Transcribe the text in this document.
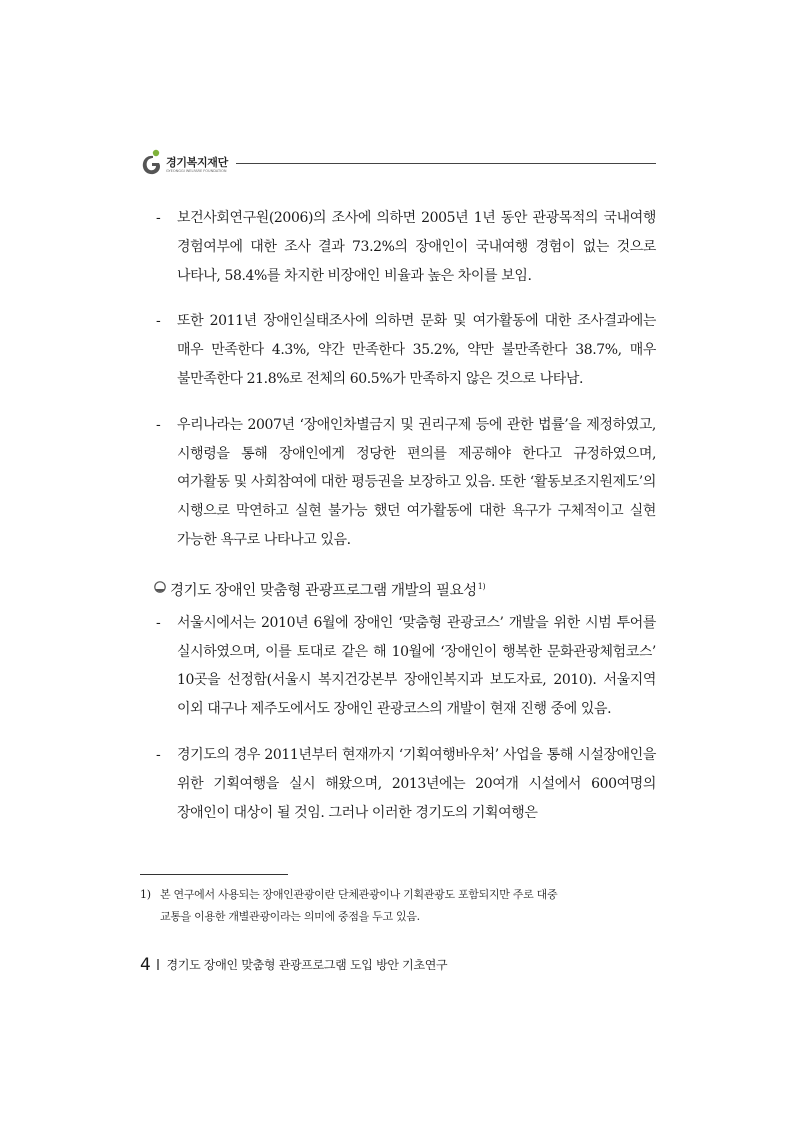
경기복지재단
GYEONGGI WELFARE FOUNDATION
- 보건사회연구원(2006)의 조사에 의하면 2005년 1년 동안 관광목적의 국내여행 경험여부에 대한 조사 결과 73.2%의 장애인이 국내여행 경험이 없는 것으로 나타나, 58.4%를 차지한 비장애인 비율과 높은 차이를 보임.
- 또한 2011년 장애인실태조사에 의하면 문화 및 여가활동에 대한 조사결과에는 매우 만족한다 4.3%, 약간 만족한다 35.2%, 약만 불만족한다 38.7%, 매우 불만족한다 21.8%로 전체의 60.5%가 만족하지 않은 것으로 나타남.
- 우리나라는 2007년 ‘장애인차별금지 및 권리구제 등에 관한 법률’을 제정하였고, 시행령을 통해 장애인에게 정당한 편의를 제공해야 한다고 규정하였으며, 여가활동 및 사회참여에 대한 평등권을 보장하고 있음. 또한 ‘활동보조지원제도’의 시행으로 막연하고 실현 불가능 했던 여가활동에 대한 욕구가 구체적이고 실현 가능한 욕구로 나타나고 있음.
경기도 장애인 맞춤형 관광프로그램 개발의 필요성$^{1)}$
- 서울시에서는 2010년 6월에 장애인 ‘맞춤형 관광코스’ 개발을 위한 시범 투어를 실시하였으며, 이를 토대로 같은 해 10월에 ‘장애인이 행복한 문화관광체험코스’ 10곳을 선정함(서울시 복지건강본부 장애인복지과 보도자료, 2010). 서울지역 이외 대구나 제주도에서도 장애인 관광코스의 개발이 현재 진행 중에 있음.
- 경기도의 경우 2011년부터 현재까지 ‘기획여행바우처’ 사업을 통해 시설장애인을 위한 기획여행을 실시 해왔으며, 2013년에는 20여개 시설에서 600여명의 장애인이 대상이 될 것임. 그러나 이러한 경기도의 기획여행은
1) 본 연구에서 사용되는 장애인관광이란 단체관광이나 기획관광도 포함되지만 주로 대중
교통을 이용한 개별관광이라는 의미에 중점을 두고 있음.
4 경기도 장애인 맞춤형 관광프로그램 도입 방안 기초연구
